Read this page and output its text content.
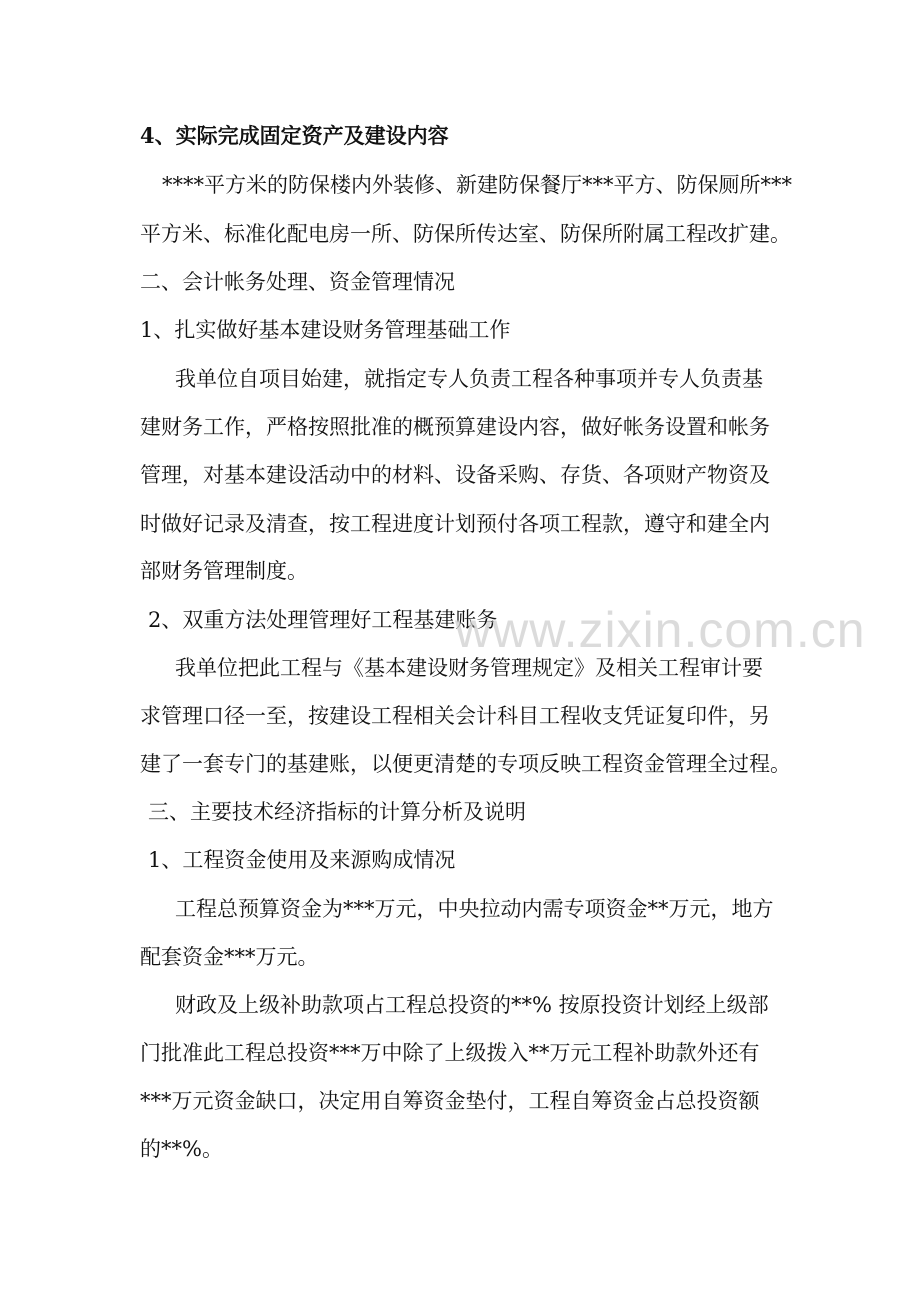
4、实际完成固定资产及建设内容
****平方米的防保楼内外装修、新建防保餐厅***平方、防保厕所***
平方米、标准化配电房一所、防保所传达室、防保所附属工程改扩建。
二、会计帐务处理、资金管理情况
1、扎实做好基本建设财务管理基础工作
我单位自项目始建，就指定专人负责工程各种事项并专人负责基
建财务工作，严格按照批准的概预算建设内容，做好帐务设置和帐务
管理，对基本建设活动中的材料、设备采购、存货、各项财产物资及
时做好记录及清查，按工程进度计划预付各项工程款，遵守和建全内
部财务管理制度。
2、双重方法处理管理好工程基建账务
我单位把此工程与《基本建设财务管理规定》及相关工程审计要
求管理口径一至，按建设工程相关会计科目工程收支凭证复印件，另
建了一套专门的基建账，以便更清楚的专项反映工程资金管理全过程。
三、主要技术经济指标的计算分析及说明
1、工程资金使用及来源购成情况
工程总预算资金为***万元，中央拉动内需专项资金**万元，地方
配套资金***万元。
财政及上级补助款项占工程总投资的**% 按原投资计划经上级部
门批准此工程总投资***万中除了上级拨入**万元工程补助款外还有
***万元资金缺口，决定用自筹资金垫付，工程自筹资金占总投资额
的**%。
www.zixin.com.cn
